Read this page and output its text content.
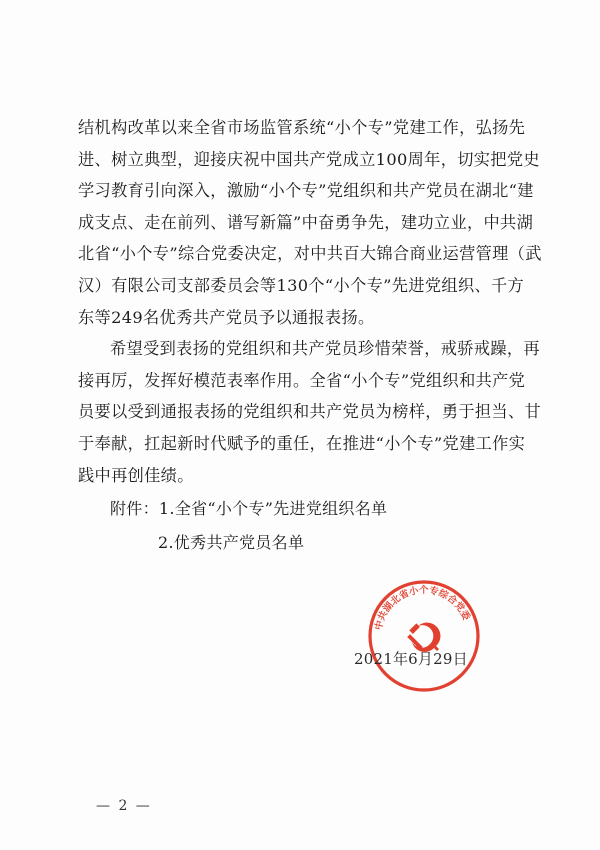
结机构改革以来全省市场监管系统“小个专”党建工作，弘扬先
进、树立典型，迎接庆祝中国共产党成立100周年，切实把党史
学习教育引向深入，激励“小个专”党组织和共产党员在湖北“建
成支点、走在前列、谱写新篇”中奋勇争先，建功立业，中共湖
北省“小个专”综合党委决定，对中共百大锦合商业运营管理（武
汉）有限公司支部委员会等130个“小个专”先进党组织、千方
东等249名优秀共产党员予以通报表扬。
希望受到表扬的党组织和共产党员珍惜荣誉，戒骄戒躁，再
接再厉，发挥好模范表率作用。全省“小个专”党组织和共产党
员要以受到通报表扬的党组织和共产党员为榜样，勇于担当、甘
于奉献，扛起新时代赋予的重任，在推进“小个专”党建工作实
践中再创佳绩。
附件：1.全省“小个专”先进党组织名单
2.优秀共产党员名单
中共湖北省小个专综合党委
2021年6月29日
— 2 —
